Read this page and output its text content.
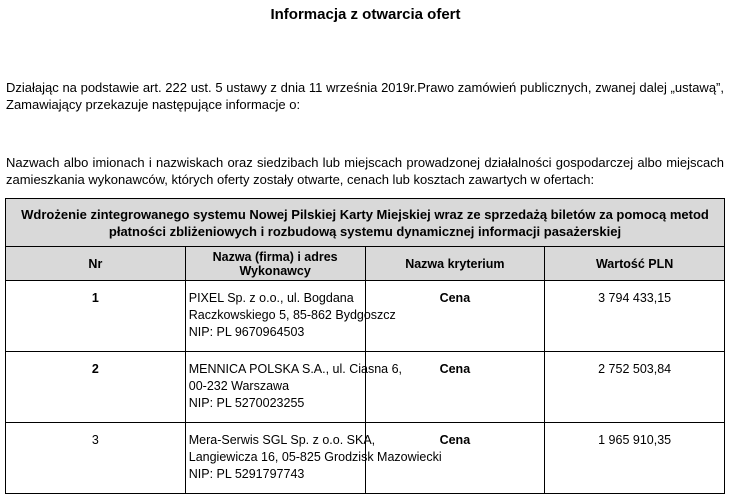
Informacja z otwarcia ofert
Działając na podstawie art. 222 ust. 5 ustawy z dnia 11 września 2019r.Prawo zamówień publicznych, zwanej dalej „ustawą”, Zamawiający przekazuje następujące informacje o:
Nazwach albo imionach i nazwiskach oraz siedzibach lub miejscach prowadzonej działalności gospodarczej albo miejscach zamieszkania wykonawców, których oferty zostały otwarte, cenach lub kosztach zawartych w ofertach:
Wdrożenie zintegrowanego systemu Nowej Pilskiej Karty Miejskiej wraz ze sprzedażą biletów za pomocą metod płatności zbliżeniowych i rozbudową systemu dynamicznej informacji pasażerskiej			
Nr	Nazwa (firma) i adres Wykonawcy	Nazwa kryterium	Wartość PLN
1	PIXEL Sp. z o.o., ul. Bogdana
Raczkowskiego 5, 85-862 Bydgoszcz
NIP: PL 9670964503	Cena	3 794 433,15
2	MENNICA POLSKA S.A., ul. Ciasna 6,
00-232 Warszawa
NIP: PL 5270023255	Cena	2 752 503,84
3	Mera-Serwis SGL Sp. z o.o. SKA,
Langiewicza 16, 05-825 Grodzisk Mazowiecki
NIP: PL 5291797743	Cena	1 965 910,35
